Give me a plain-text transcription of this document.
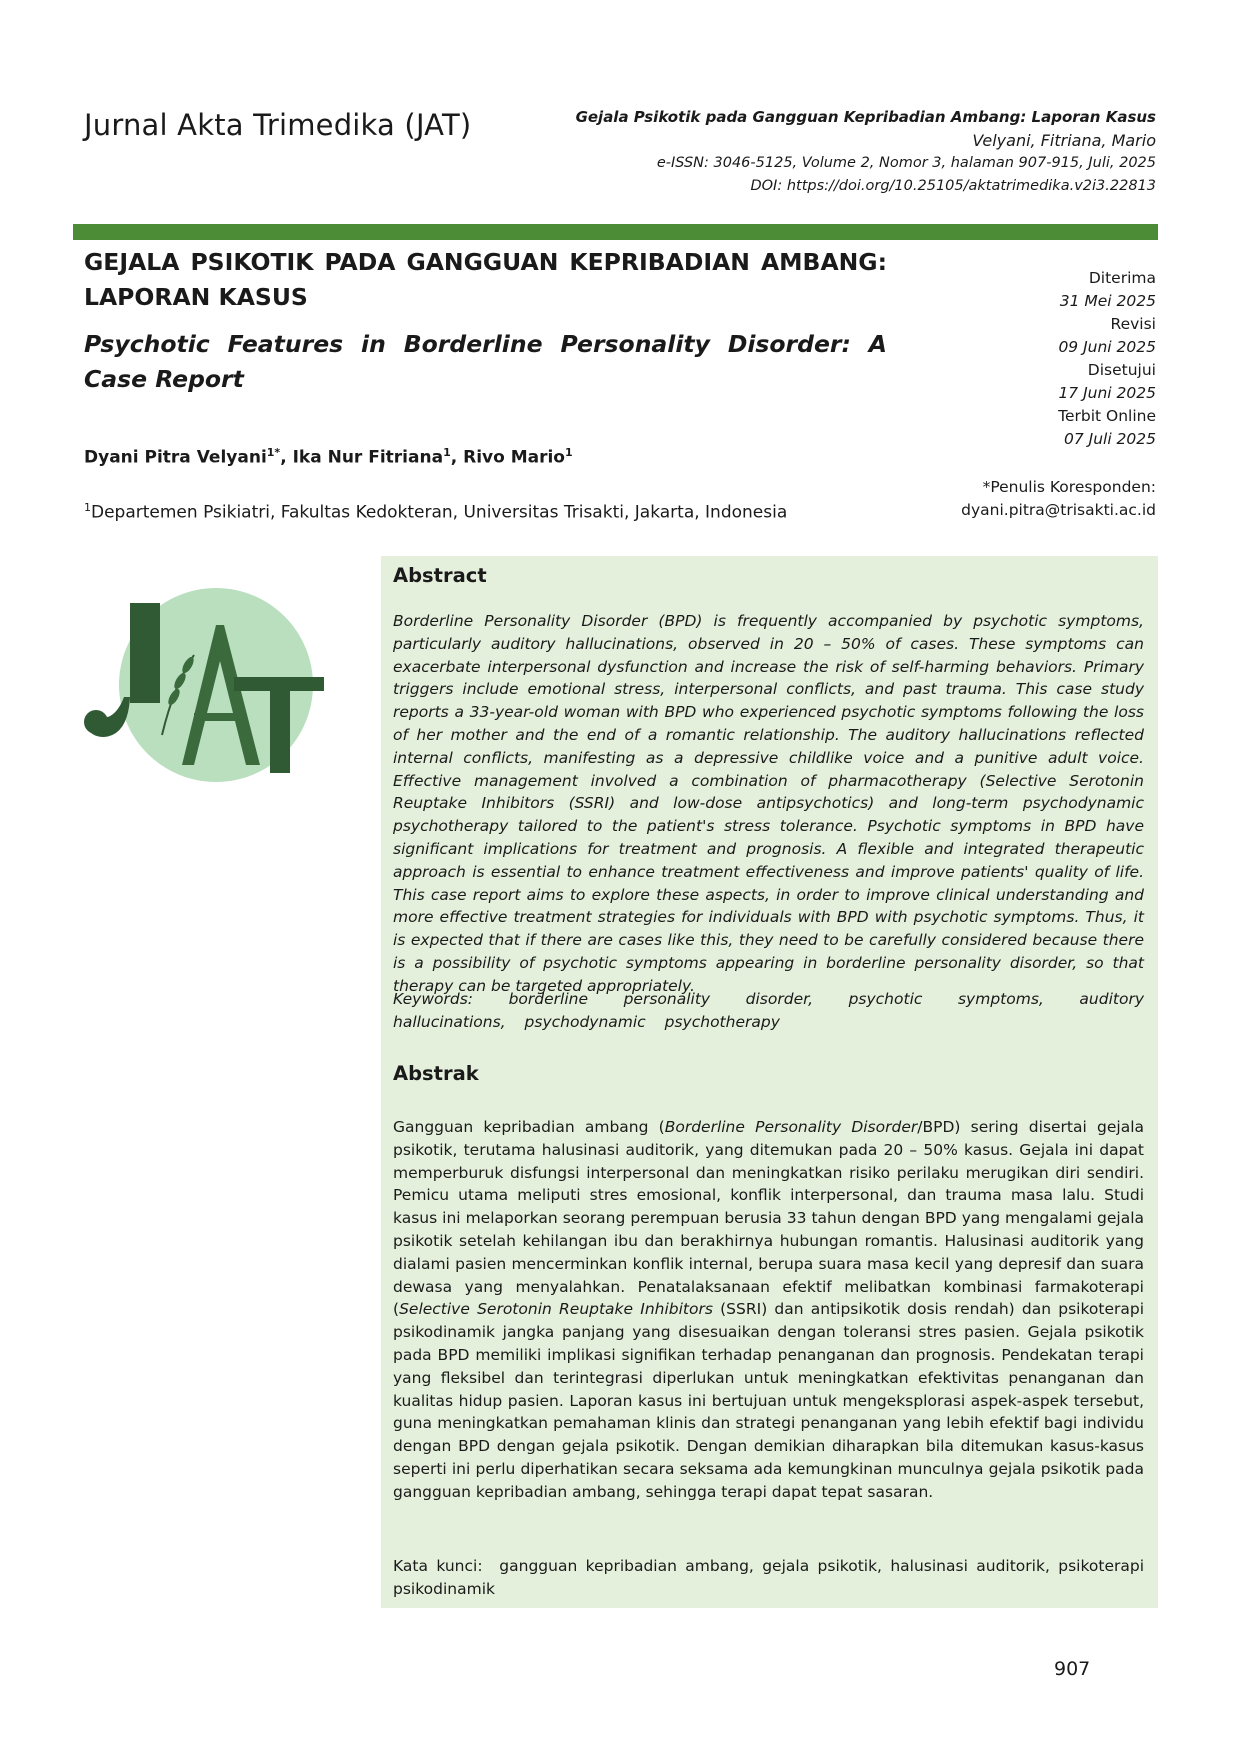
Jurnal Akta Trimedika (JAT)	Gejala Psikotik pada Gangguan Kepribadian Ambang: Laporan Kasus
Velyani, Fitriana, Mario
e-ISSN: 3046-5125, Volume 2, Nomor 3, halaman 907-915, Juli, 2025
DOI: https://doi.org/10.25105/aktatrimedika.v2i3.22813
GEJALA PSIKOTIK PADA GANGGUAN KEPRIBADIAN AMBANG: LAPORAN KASUS
Psychotic Features in Borderline Personality Disorder: A Case Report
Dyani Pitra Velyani$^{1*}$, Ika Nur Fitriana$^1$, Rivo Mario$^1$
$^1$Departemen Psikiatri, Fakultas Kedokteran, Universitas Trisakti, Jakarta, Indonesia
Diterima
31 Mei 2025
Revisi
09 Juni 2025
Disetujui
17 Juni 2025
Terbit Online
07 Juli 2025
*Penulis Koresponden:
dyani.pitra@trisakti.ac.id
Abstract
Borderline Personality Disorder (BPD) is frequently accompanied by psychotic symptoms, particularly auditory hallucinations, observed in 20 – 50% of cases. These symptoms can exacerbate interpersonal dysfunction and increase the risk of self-harming behaviors. Primary triggers include emotional stress, interpersonal conflicts, and past trauma. This case study reports a 33-year-old woman with BPD who experienced psychotic symptoms following the loss of her mother and the end of a romantic relationship. The auditory hallucinations reflected internal conflicts, manifesting as a depressive childlike voice and a punitive adult voice. Effective management involved a combination of pharmacotherapy (Selective Serotonin Reuptake Inhibitors (SSRI) and low-dose antipsychotics) and long-term psychodynamic psychotherapy tailored to the patient's stress tolerance. Psychotic symptoms in BPD have significant implications for treatment and prognosis. A flexible and integrated therapeutic approach is essential to enhance treatment effectiveness and improve patients' quality of life. This case report aims to explore these aspects, in order to improve clinical understanding and more effective treatment strategies for individuals with BPD with psychotic symptoms. Thus, it is expected that if there are cases like this, they need to be carefully considered because there is a possibility of psychotic symptoms appearing in borderline personality disorder, so that therapy can be targeted appropriately.
Keywords: borderline personality disorder, psychotic symptoms, auditory hallucinations, psychodynamic psychotherapy
Abstrak
Gangguan kepribadian ambang (Borderline Personality Disorder/BPD) sering disertai gejala psikotik, terutama halusinasi auditorik, yang ditemukan pada 20 – 50% kasus. Gejala ini dapat memperburuk disfungsi interpersonal dan meningkatkan risiko perilaku merugikan diri sendiri. Pemicu utama meliputi stres emosional, konflik interpersonal, dan trauma masa lalu. Studi kasus ini melaporkan seorang perempuan berusia 33 tahun dengan BPD yang mengalami gejala psikotik setelah kehilangan ibu dan berakhirnya hubungan romantis. Halusinasi auditorik yang dialami pasien mencerminkan konflik internal, berupa suara masa kecil yang depresif dan suara dewasa yang menyalahkan. Penatalaksanaan efektif melibatkan kombinasi farmakoterapi (Selective Serotonin Reuptake Inhibitors (SSRI) dan antipsikotik dosis rendah) dan psikoterapi psikodinamik jangka panjang yang disesuaikan dengan toleransi stres pasien. Gejala psikotik pada BPD memiliki implikasi signifikan terhadap penanganan dan prognosis. Pendekatan terapi yang fleksibel dan terintegrasi diperlukan untuk meningkatkan efektivitas penanganan dan kualitas hidup pasien. Laporan kasus ini bertujuan untuk mengeksplorasi aspek-aspek tersebut, guna meningkatkan pemahaman klinis dan strategi penanganan yang lebih efektif bagi individu dengan BPD dengan gejala psikotik. Dengan demikian diharapkan bila ditemukan kasus-kasus seperti ini perlu diperhatikan secara seksama ada kemungkinan munculnya gejala psikotik pada gangguan kepribadian ambang, sehingga terapi dapat tepat sasaran.
Kata kunci: gangguan kepribadian ambang, gejala psikotik, halusinasi auditorik, psikoterapi psikodinamik
907
